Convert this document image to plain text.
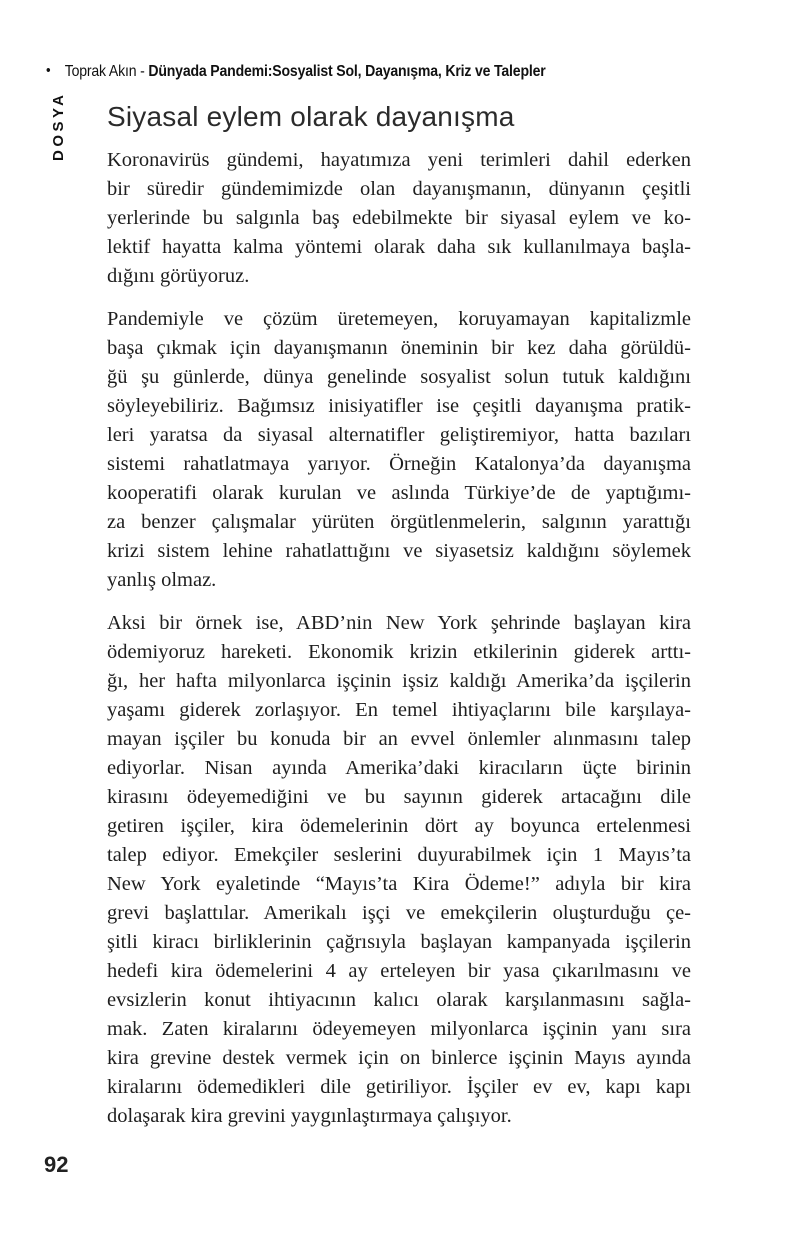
• Toprak Akın - Dünyada Pandemi:Sosyalist Sol, Dayanışma, Kriz ve Talepler
DOSYA Siyasal eylem olarak dayanışma
Koronavirüs gündemi, hayatımıza yeni terimleri dahil ederken
bir süredir gündemimizde olan dayanışmanın, dünyanın çeşitli
yerlerinde bu salgınla baş edebilmekte bir siyasal eylem ve ko-
lektif hayatta kalma yöntemi olarak daha sık kullanılmaya başla-
dığını görüyoruz.
Pandemiyle ve çözüm üretemeyen, koruyamayan kapitalizmle
başa çıkmak için dayanışmanın öneminin bir kez daha görüldü-
ğü şu günlerde, dünya genelinde sosyalist solun tutuk kaldığını
söyleyebiliriz. Bağımsız inisiyatifler ise çeşitli dayanışma pratik-
leri yaratsa da siyasal alternatifler geliştiremiyor, hatta bazıları
sistemi rahatlatmaya yarıyor. Örneğin Katalonya’da dayanışma
kooperatifi olarak kurulan ve aslında Türkiye’de de yaptığımı-
za benzer çalışmalar yürüten örgütlenmelerin, salgının yarattığı
krizi sistem lehine rahatlattığını ve siyasetsiz kaldığını söylemek
yanlış olmaz.
Aksi bir örnek ise, ABD’nin New York şehrinde başlayan kira
ödemiyoruz hareketi. Ekonomik krizin etkilerinin giderek arttı-
ğı, her hafta milyonlarca işçinin işsiz kaldığı Amerika’da işçilerin
yaşamı giderek zorlaşıyor. En temel ihtiyaçlarını bile karşılaya-
mayan işçiler bu konuda bir an evvel önlemler alınmasını talep
ediyorlar. Nisan ayında Amerika’daki kiracıların üçte birinin
kirasını ödeyemediğini ve bu sayının giderek artacağını dile
getiren işçiler, kira ödemelerinin dört ay boyunca ertelenmesi
talep ediyor. Emekçiler seslerini duyurabilmek için 1 Mayıs’ta
New York eyaletinde “Mayıs’ta Kira Ödeme!” adıyla bir kira
grevi başlattılar. Amerikalı işçi ve emekçilerin oluşturduğu çe-
şitli kiracı birliklerinin çağrısıyla başlayan kampanyada işçilerin
hedefi kira ödemelerini 4 ay erteleyen bir yasa çıkarılmasını ve
evsizlerin konut ihtiyacının kalıcı olarak karşılanmasını sağla-
mak. Zaten kiralarını ödeyemeyen milyonlarca işçinin yanı sıra
kira grevine destek vermek için on binlerce işçinin Mayıs ayında
kiralarını ödemedikleri dile getiriliyor. İşçiler ev ev, kapı kapı
dolaşarak kira grevini yaygınlaştırmaya çalışıyor.
92
